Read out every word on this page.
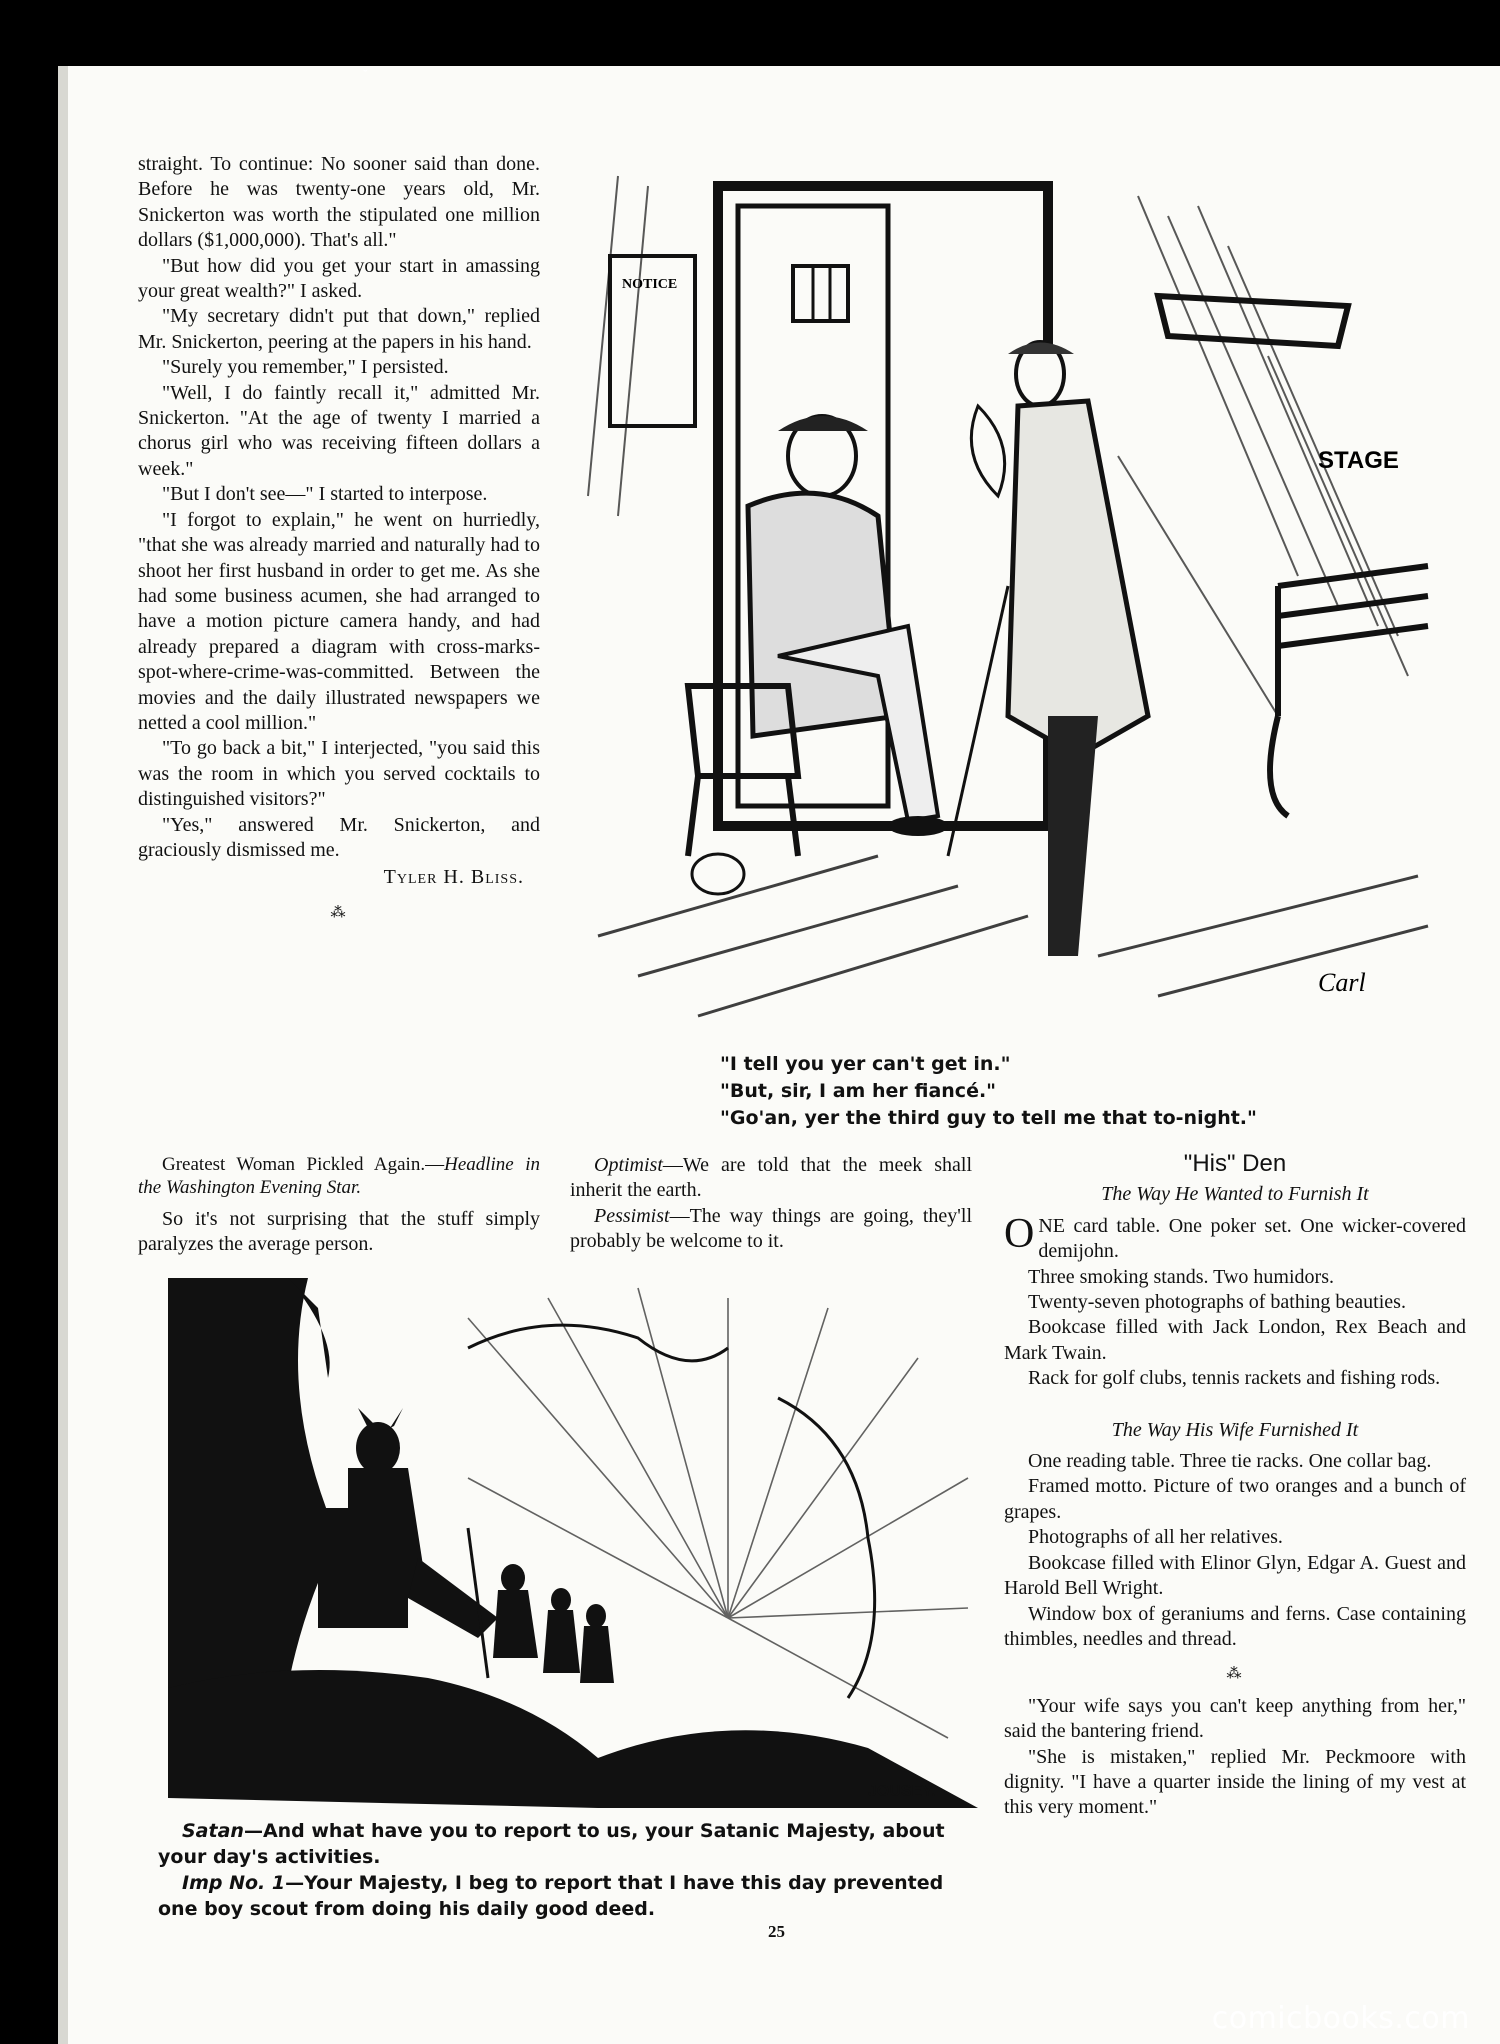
˘

straight. To continue: No sooner said than done. Before he was twenty-one years old, Mr. Snickerton was worth the stipulated one million dollars ($1,000,000). That's all."

"But how did you get your start in amassing your great wealth?" I asked.

"My secretary didn't put that down," replied Mr. Snickerton, peering at the papers in his hand.

"Surely you remember," I persisted.

"Well, I do faintly recall it," admitted Mr. Snickerton. "At the age of twenty I married a chorus girl who was receiving fifteen dollars a week."

"But I don't see—" I started to interpose.

"I forgot to explain," he went on hurriedly, "that she was already married and naturally had to shoot her first husband in order to get me. As she had some business acumen, she had arranged to have a motion picture camera handy, and had already prepared a diagram with cross-marks-spot-where-crime-was-committed. Between the movies and the daily illustrated newspapers we netted a cool million."

"To go back a bit," I interjected, "you said this was the room in which you served cocktails to distinguished visitors?"

"Yes," answered Mr. Snickerton, and graciously dismissed me.

Tyler H. Bliss.
⁂
NOTICE
STAGE
Carl
"I tell you yer can't get in."
"But, sir, I am her fiancé."
"Go'an, yer the third guy to tell me that to-night."

Greatest Woman Pickled Again.—Headline in the Washington Evening Star.

So it's not surprising that the stuff simply paralyzes the average person.

Optimist—We are told that the meek shall inherit the earth.

Pessimist—The way things are going, they'll probably be welcome to it.

"His" Den
The Way He Wanted to Furnish It

ONE card table. One poker set. One wicker-covered demijohn.

Three smoking stands. Two humidors.

Twenty-seven photographs of bathing beauties.

Bookcase filled with Jack London, Rex Beach and Mark Twain.

Rack for golf clubs, tennis rackets and fishing rods.

The Way His Wife Furnished It

One reading table. Three tie racks. One collar bag.

Framed motto. Picture of two oranges and a bunch of grapes.

Photographs of all her relatives.

Bookcase filled with Elinor Glyn, Edgar A. Guest and Harold Bell Wright.

Window box of geraniums and ferns. Case containing thimbles, needles and thread.

⁂

"Your wife says you can't keep anything from her," said the bantering friend.

"She is mistaken," replied Mr. Peckmoore with dignity. "I have a quarter inside the lining of my vest at this very moment."

JOUSEY.

Satan—And what have you to report to us, your Satanic Majesty, about your day's activities.

Imp No. 1—Your Majesty, I beg to report that I have this day prevented one boy scout from doing his daily good deed.

25
comicbooks.com
